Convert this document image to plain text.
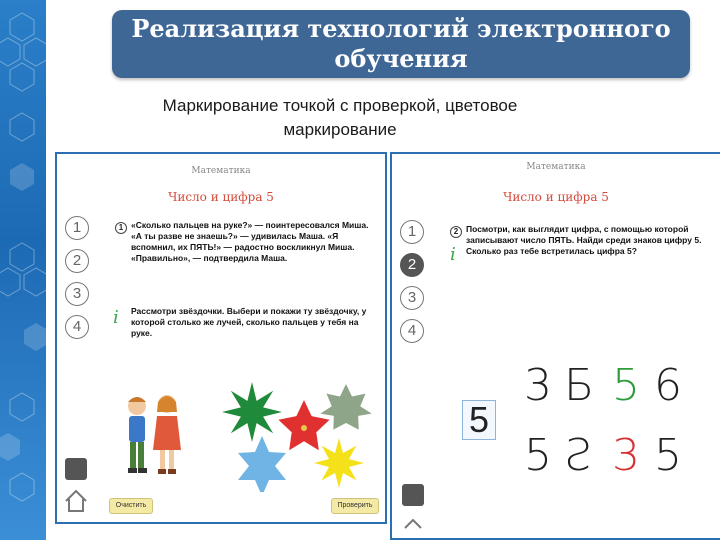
Реализация технологий электронного обучения
Маркирование точкой с проверкой, цветовое маркирование
Математика
Число и цифра 5
1
2
3
4
1 «Сколько пальцев на руке?» — поинтересовался Миша. «А ты разве не знаешь?» — удивилась Маша. «Я вспомнил, их ПЯТЬ!» — радостно воскликнул Миша. «Правильно», — подтвердила Маша.
i Рассмотри звёздочки. Выбери и покажи ту звёздочку, у которой столько же лучей, сколько пальцев у тебя на руке.
Очистить	Проверить
Математика
Число и цифра 5
1
2
3
4
2
i
Посмотри, как выглядит цифра, с помощью которой записывают число ПЯТЬ. Найди среди знаков цифру 5. Сколько раз тебе встретилась цифра 5?
5
3 Б 5 6
5 Ƨ 3 5
